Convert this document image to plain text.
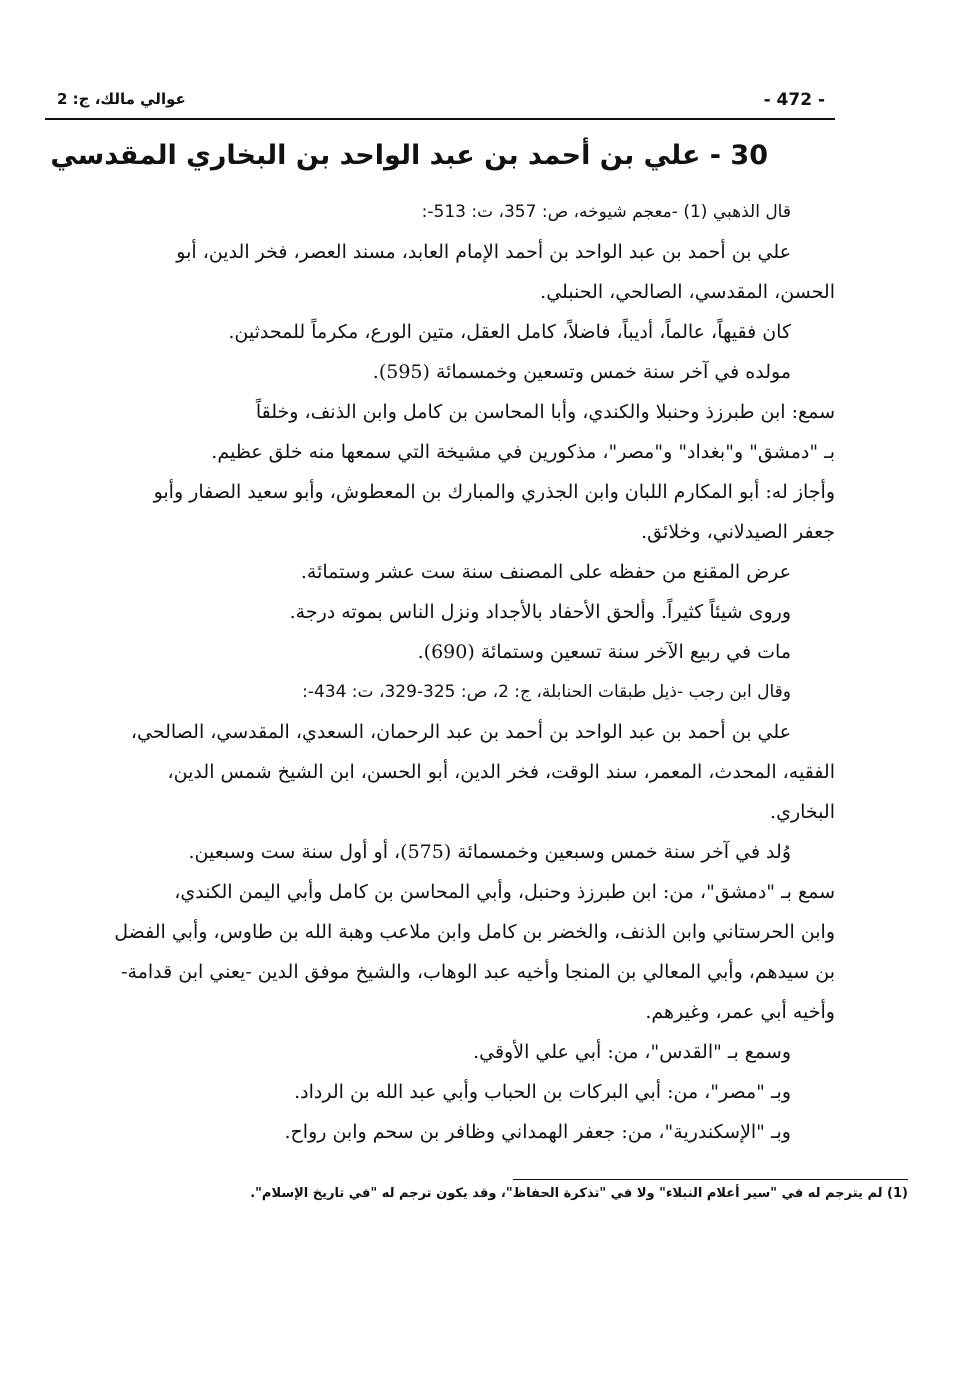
- 472 -
عوالي مالك، ج: 2
30 - علي بن أحمد بن عبد الواحد بن البخاري المقدسي
قال الذهبي (1) -معجم شيوخه، ص: 357، ت: 513-:
علي بن أحمد بن عبد الواحد بن أحمد الإمام العابد، مسند العصر، فخر الدين، أبو
الحسن، المقدسي، الصالحي، الحنبلي.
كان فقيهاً، عالماً، أديباً، فاضلاً، كامل العقل، متين الورع، مكرماً للمحدثين.
مولده في آخر سنة خمس وتسعين وخمسمائة (595).
سمع: ابن طبرزذ وحنبلا والكندي، وأبا المحاسن بن كامل وابن الذنف، وخلقاً
بـ "دمشق" و"بغداد" و"مصر"، مذكورين في مشيخة التي سمعها منه خلق عظيم.
وأجاز له: أبو المكارم اللبان وابن الجذري والمبارك بن المعطوش، وأبو سعيد الصفار وأبو
جعفر الصيدلاني، وخلائق.
عرض المقنع من حفظه على المصنف سنة ست عشر وستمائة.
وروى شيئاً كثيراً. وألحق الأحفاد بالأجداد ونزل الناس بموته درجة.
مات في ربيع الآخر سنة تسعين وستمائة (690).
وقال ابن رجب -ذيل طبقات الحنابلة، ج: 2، ص: 325-329، ت: 434-:
علي بن أحمد بن عبد الواحد بن أحمد بن عبد الرحمان، السعدي، المقدسي، الصالحي،
الفقيه، المحدث، المعمر، سند الوقت، فخر الدين، أبو الحسن، ابن الشيخ شمس الدين،
البخاري.
وُلد في آخر سنة خمس وسبعين وخمسمائة (575)، أو أول سنة ست وسبعين.
سمع بـ "دمشق"، من: ابن طبرزذ وحنبل، وأبي المحاسن بن كامل وأبي اليمن الكندي،
وابن الحرستاني وابن الذنف، والخضر بن كامل وابن ملاعب وهبة الله بن طاوس، وأبي الفضل
بن سيدهم، وأبي المعالي بن المنجا وأخيه عبد الوهاب، والشيخ موفق الدين -يعني ابن قدامة-
وأخيه أبي عمر، وغيرهم.
وسمع بـ "القدس"، من: أبي علي الأوقي.
وبـ "مصر"، من: أبي البركات بن الحباب وأبي عبد الله بن الرداد.
وبـ "الإسكندرية"، من: جعفر الهمداني وظافر بن سحم وابن رواح.
(1) لم يترجم له في "سير أعلام النبلاء" ولا في "تذكرة الحفاظ"، وقد يكون ترجم له "في تاريخ الإسلام".
